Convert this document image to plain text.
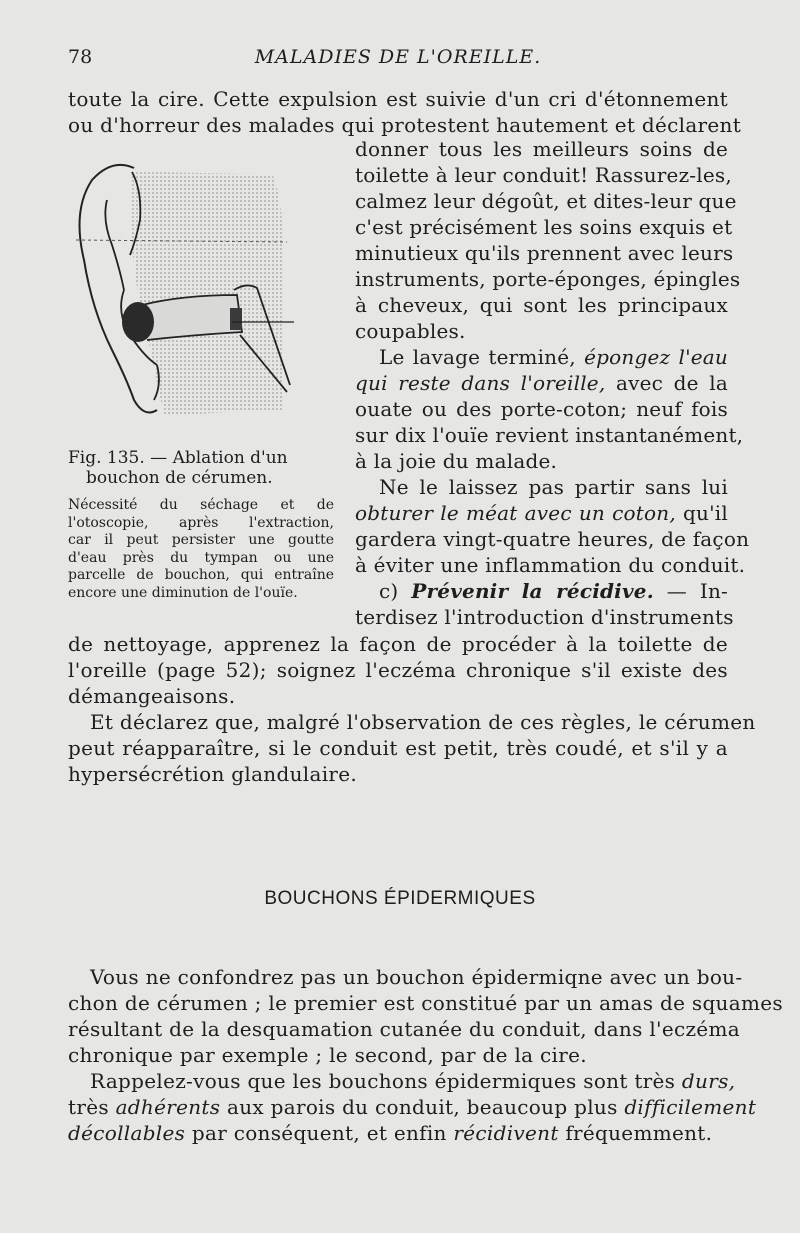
78	MALADIES DE L'OREILLE.
toute la cire. Cette expulsion est suivie d'un cri d'étonnement
ou d'horreur des malades qui protestent hautement et déclarent
donner tous les meilleurs soins de
toilette à leur conduit! Rassurez-les,
calmez leur dégoût, et dites-leur que
c'est précisément les soins exquis et
minutieux qu'ils prennent avec leurs
instruments, porte-éponges, épingles
à cheveux, qui sont les principaux
coupables.
Le lavage terminé, épongez l'eau
qui reste dans l'oreille, avec de la
ouate ou des porte-coton; neuf fois
sur dix l'ouïe revient instantanément,
à la joie du malade.
Ne le laissez pas partir sans lui
obturer le méat avec un coton, qu'il
gardera vingt-quatre heures, de façon
à éviter une inflammation du conduit.
c) Prévenir la récidive. — In-
terdisez l'introduction d'instruments
Fig. 135. — Ablation d'un
bouchon de cérumen.
Nécessité du séchage et de
l'otoscopie, après l'extraction,
car il peut persister une goutte
d'eau près du tympan ou une
parcelle de bouchon, qui entraîne
encore une diminution de l'ouïe.
de nettoyage, apprenez la façon de procéder à la toilette de
l'oreille (page 52); soignez l'eczéma chronique s'il existe des
démangeaisons.
Et déclarez que, malgré l'observation de ces règles, le cérumen
peut réapparaître, si le conduit est petit, très coudé, et s'il y a
hypersécrétion glandulaire.
BOUCHONS ÉPIDERMIQUES
Vous ne confondrez pas un bouchon épidermiqne avec un bou-
chon de cérumen ; le premier est constitué par un amas de squames
résultant de la desquamation cutanée du conduit, dans l'eczéma
chronique par exemple ; le second, par de la cire.
Rappelez-vous que les bouchons épidermiques sont très durs,
très adhérents aux parois du conduit, beaucoup plus difficilement
décollables par conséquent, et enfin récidivent fréquemment.
